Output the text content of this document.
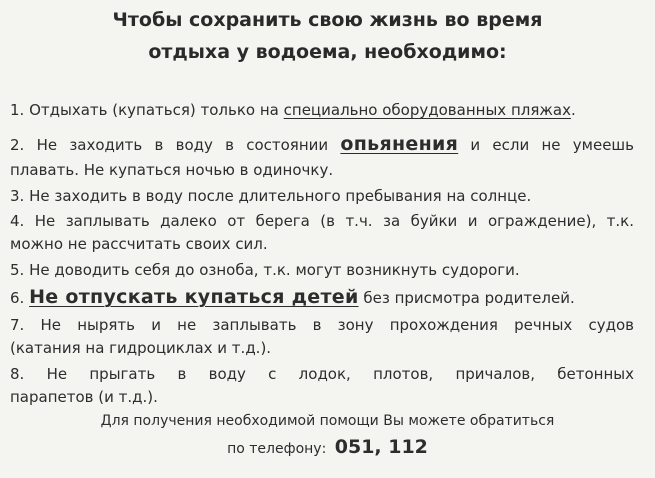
Чтобы сохранить свою жизнь во время
отдыха у водоема, необходимо:
1. Отдыхать (купаться) только на специально оборудованных пляжах.
2. Не заходить в воду в состоянии опьянения и если не умеешь
плавать. Не купаться ночью в одиночку.
3. Не заходить в воду после длительного пребывания на солнце.
4. Не заплывать далеко от берега (в т.ч. за буйки и ограждение), т.к.
можно не рассчитать своих сил.
5. Не доводить себя до озноба, т.к. могут возникнуть судороги.
6. Не отпускать купаться детей без присмотра родителей.
7. Не нырять и не заплывать в зону прохождения речных судов
(катания на гидроциклах и т.д.).
8. Не прыгать в воду с лодок, плотов, причалов, бетонных
парапетов (и т.д.).
Для получения необходимой помощи Вы можете обратиться
по телефону: 051, 112
